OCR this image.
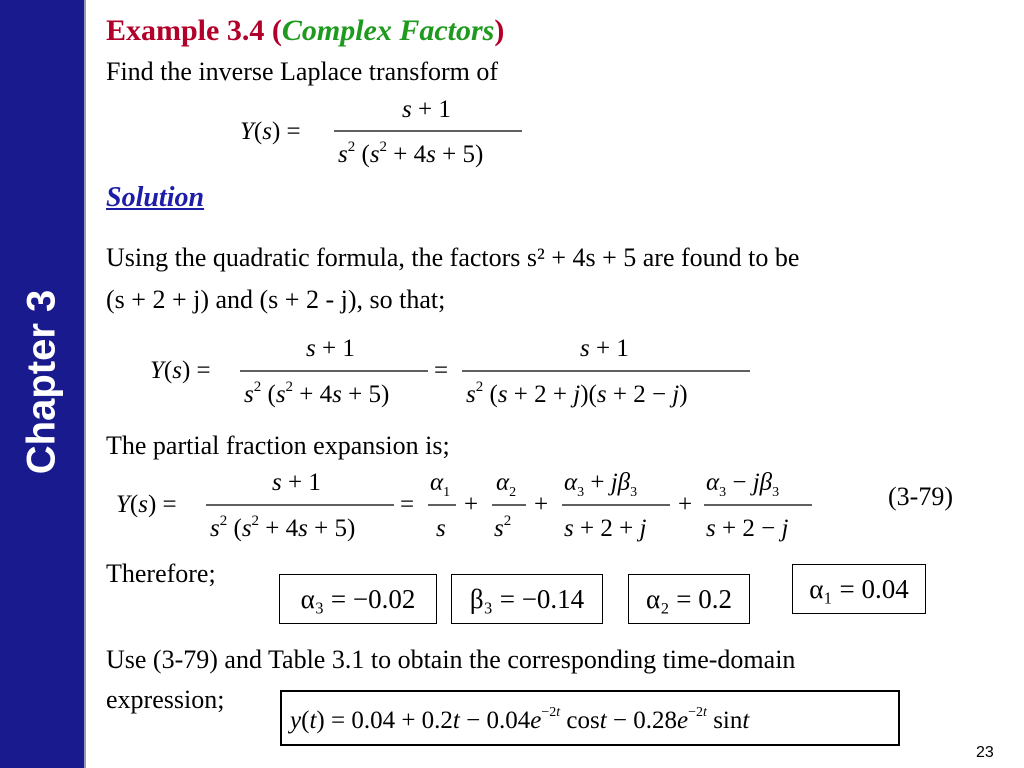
Chapter 3
Example 3.4 (Complex Factors)
Find the inverse Laplace transform of
Y(s) =
s + 1
$s^2$ $(s^2 + 4s + 5)$
Solution
Using the quadratic formula, the factors s² + 4s + 5 are found to be
(s + 2 + j) and (s + 2 - j), so that;
Y(s) =
s + 1
$s^2$ $(s^2 + 4s + 5)$
=
s + 1
$s^2$ (s + 2 + j)(s + 2 − j)
The partial fraction expansion is;
Y(s) =
s + 1
$s^2$ $(s^2 + 4s + 5)$
=
$\alpha_1$
s
+
$\alpha_2$
$s^2$
+
$\alpha_3 + j\beta_3$
s + 2 + j
+
$\alpha_3 - j\beta_3$
s + 2 − j
(3-79)
Therefore;
α₃ = −0.02	β₃ = −0.14	α₂ = 0.2	α₁ = 0.04
Use (3-79) and Table 3.1 to obtain the corresponding time-domain
expression;
$y(t) = 0.04 + 0.2t - 0.04e^{-2t}$ $\cos t - 0.28e^{-2t}$ sint
23
